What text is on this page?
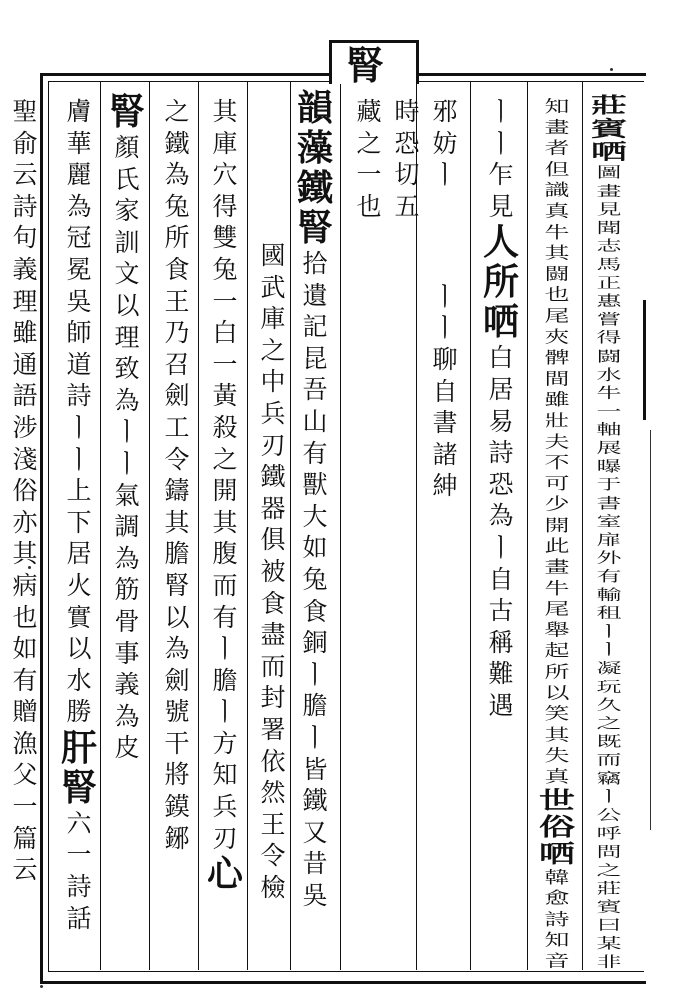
腎
莊
賓
哂
圖
畫
見
聞
志
馬
正
惠
嘗
得
闘
水
牛
一
軸
展
曝
于
書
室
扉
外
有
輸
租
ㅣ
ㅣ
凝
玩
久
之
既
而
竊
ㅣ
公
呼
問
之
莊
賓
曰
某
非
知
畫
者
但
識
真
牛
其
闘
也
尾
夾
髀
間
雖
壯
夫
不
可
少
開
此
畫
牛
尾
舉
起
所
以
笑
其
失
真
世
俗
哂
韓
愈
詩
知
音
ㅣ
ㅣ
乍
見
人
所
哂
白
居
易
詩
恐
為
ㅣ
自
古
稱
難
遇
邪
妨
ㅣ
ㅣ
ㅣ
聊
自
書
諸
紳
時
恐
切
五
藏
之
一
也
韻
藻
鐵
腎
拾
遺
記
昆
吾
山
有
獸
大
如
兔
食
銅
ㅣ
膽
ㅣ
皆
鐵
又
昔
吳
國
武
庫
之
中
兵
刃
鐵
器
俱
被
食
盡
而
封
署
依
然
王
令
檢
其
庫
穴
得
雙
兔
一
白
一
黃
殺
之
開
其
腹
而
有
ㅣ
膽
ㅣ
方
知
兵
刃
心
之
鐵
為
兔
所
食
王
乃
召
劍
工
令
鑄
其
膽
腎
以
為
劍
號
干
將
鏌
鋣
腎
顏
氏
家
訓
文
以
理
致
為
ㅣ
ㅣ
氣
調
為
筋
骨
事
義
為
皮
膚
華
麗
為
冠
冕
吳
師
道
詩
ㅣ
ㅣ
上
下
居
火
實
以
水
勝
肝
腎
六
一
詩
話
聖
俞
云
詩
句
義
理
雖
通
語
涉
淺
俗
亦
其
病
也
如
有
贈
漁
父
一
篇
云
